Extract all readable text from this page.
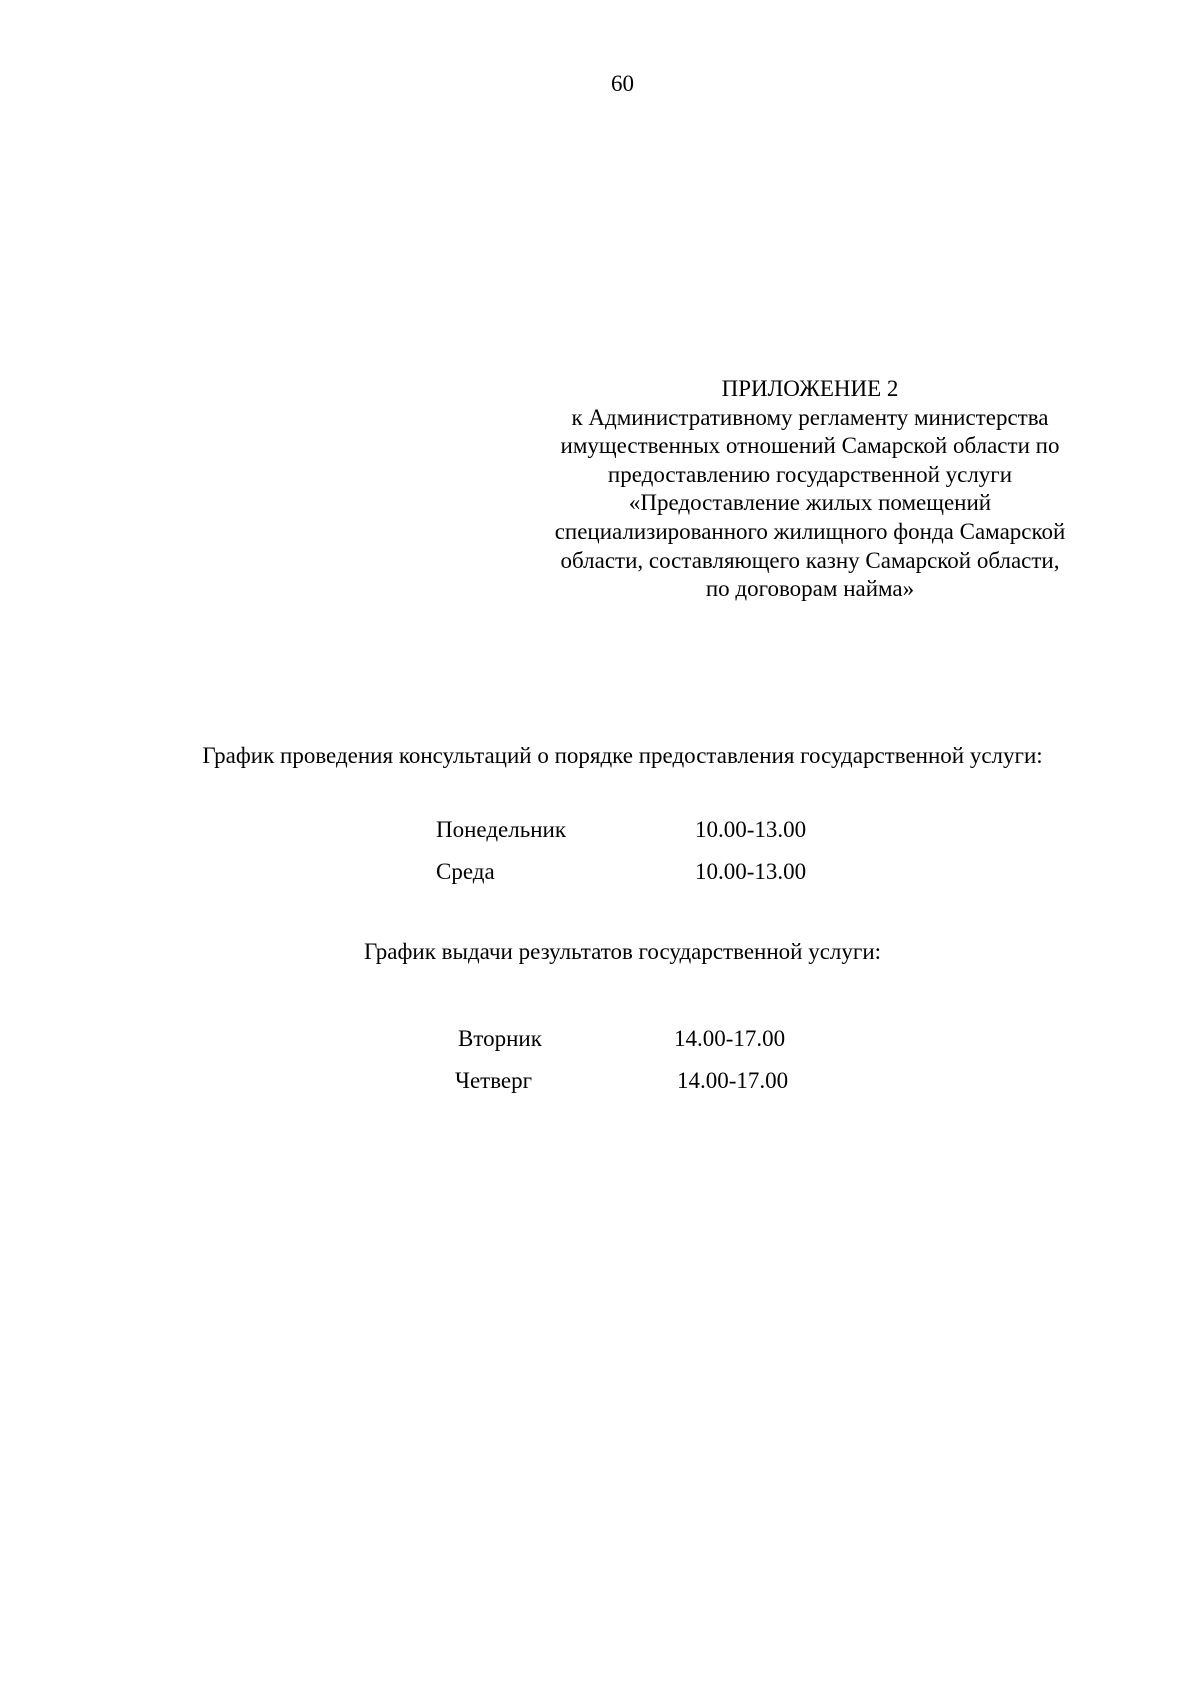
60
ПРИЛОЖЕНИЕ 2
к Административному регламенту министерства
имущественных отношений Самарской области по
предоставлению государственной услуги
«Предоставление жилых помещений
специализированного жилищного фонда Самарской
области, составляющего казну Самарской области,
по договорам найма»
График проведения консультаций о порядке предоставления государственной услуги:
Понедельник	10.00-13.00
Среда	10.00-13.00
График выдачи результатов государственной услуги:
Вторник	14.00-17.00
Четверг	14.00-17.00
